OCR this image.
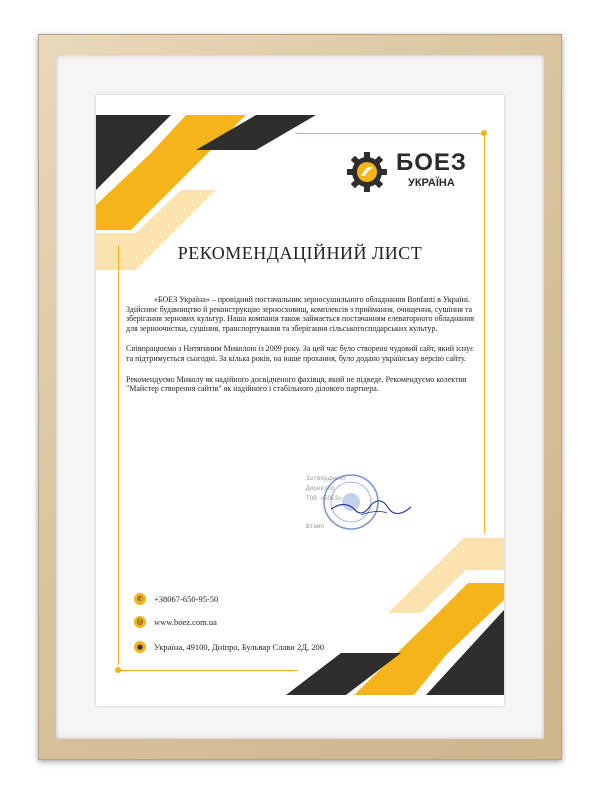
БОЕЗ
УКРАЇНА
РЕКОМЕНДАЦІЙНИЙ ЛИСТ

«БОЕЗ Україна» – провідний постачальник зерносушильного обладнання Bonfanti в Україні. Здійснює будівництво й реконструкцію зерносховищ, комплексів з приймання, очищення, сушіння та зберігання зернових культур. Наша компанія також займається постачанням елеваторного обладнання для зерноочистки, сушіння, транспортування та зберігання сільськогосподарських культур.

Співпрацюємо з Нитягиним Миколою із 2009 року. За цей час було створено чудовий сайт, який існує та підтримується сьогодні. За кілька років, на наше прохання, було додано українську версію сайту.

Рекомендуємо Миколу як надійного досвідченого фахівця, який не підведе. Рекомендуємо колектив "Майстер створення сайтів" як надійного і стабільного ділового партнера.

Затверджено
Директор
ТОВ «БОЕЗ»
Штамп
✆	+38067-650-95-50
@ www.boez.com.ua
●	Україна, 49100, Дніпро, Бульвар Слави 2Д, 200
